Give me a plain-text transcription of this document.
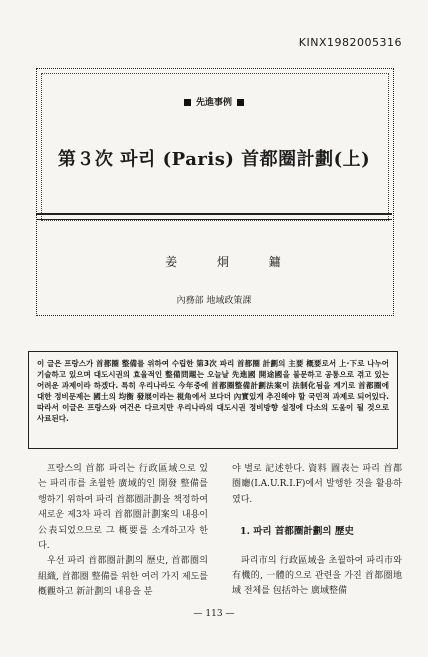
KINX1982005316
先進事例
第３次 파리 (Paris) 首都圈計劃(上)
姜 炯 鏞
內務部 地域政策課
이 글은 프랑스가 首都圈 整備를 위하여 수립한 第3次 파리 首都圈 計劃의 主要 概要로서 上·下로 나누어 기술하고 있으며 대도시권의 효율적인 整備問題는 오늘날 先進國 開途國을 불문하고 공통으로 겪고 있는 어려운 과제이라 하겠다. 특히 우리나라도 今年중에 首都圈整備計劃法案이 法制化됨을 계기로 首都圈에 대한 정비문제는 國土의 均衡 發展이라는 視角에서 보다더 內實있게 추진해야 할 국민적 과제로 되어있다. 따라서 이글은 프랑스와 여건은 다르지만 우리나라의 대도시권 정비방향 설정에 다소의 도움이 될 것으로 사료된다.

프랑스의 首都 파리는 行政區域으로 있는 파리市를 초월한 廣域的인 開發 整備를 행하기 위하여 파리 首都圈計劃을 책정하여 새로운 제3차 파리 首都圈計劃案의 내용이 公表되었으므로 그 概要를 소개하고자 한다.

우선 파리 首都圈計劃의 歷史, 首都圈의 組織, 首都圈 整備를 위한 여러 가지 제도를 槪觀하고 新計劃의 내용을 분

야 별로 記述한다. 資料 圖表는 파리 首都圈廳(I.A.U.R.I.F)에서 발행한 것을 활용하였다.

1. 파리 首都圈計劃의 歷史

파리市의 行政區域을 초월하여 파리市와 有機的, 一體的으로 관련을 가진 首都圈地域 전체를 包括하는 廣域整備

— 113 —
